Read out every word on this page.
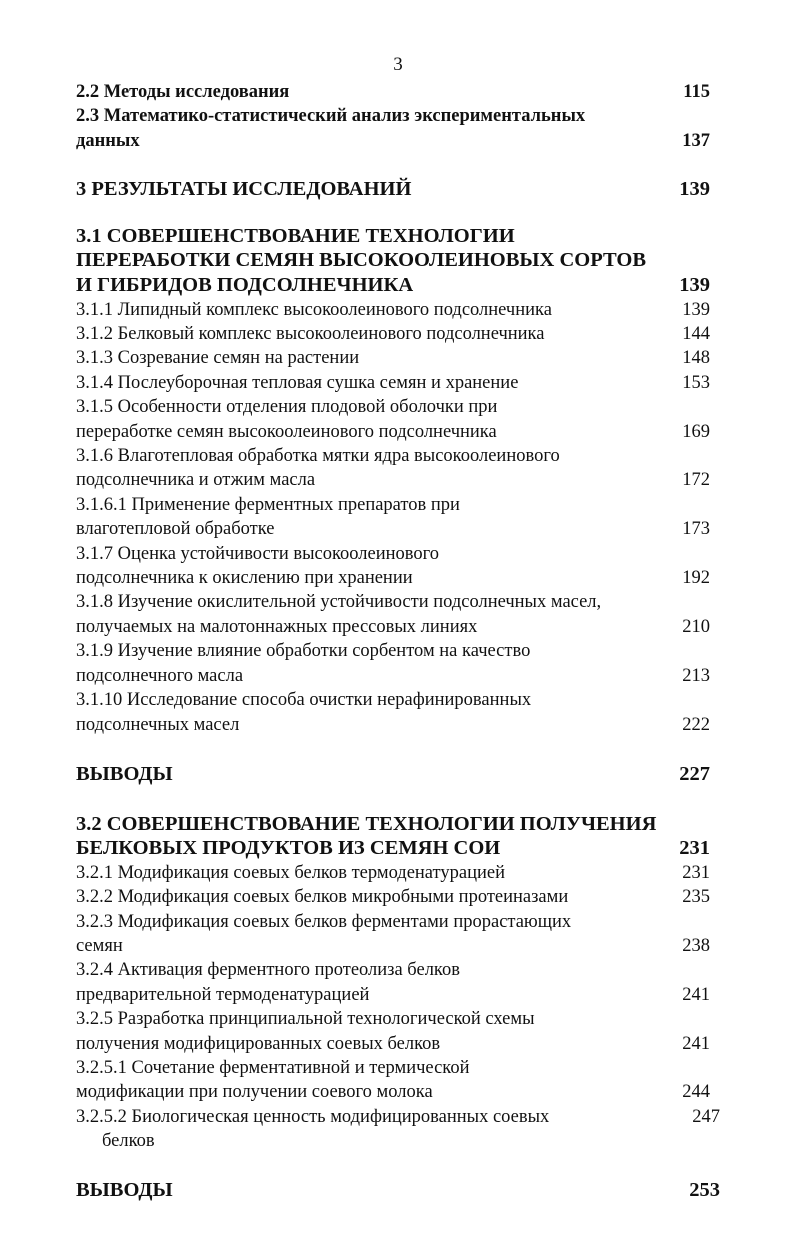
3
2.2 Методы исследования	115
2.3 Математико-статистический анализ экспериментальных
данных	137
3 РЕЗУЛЬТАТЫ ИССЛЕДОВАНИЙ	139
3.1 СОВЕРШЕНСТВОВАНИЕ ТЕХНОЛОГИИ
ПЕРЕРАБОТКИ СЕМЯН ВЫСОКООЛЕИНОВЫХ СОРТОВ
И ГИБРИДОВ ПОДСОЛНЕЧНИКА	139
3.1.1 Липидный комплекс высокоолеинового подсолнечника	139
3.1.2 Белковый комплекс высокоолеинового подсолнечника	144
3.1.3 Созревание семян на растении	148
3.1.4 Послеуборочная тепловая сушка семян и хранение	153
3.1.5 Особенности отделения плодовой оболочки при
переработке семян высокоолеинового подсолнечника	169
3.1.6 Влаготепловая обработка мятки ядра высокоолеинового
подсолнечника и отжим масла	172
3.1.6.1 Применение ферментных препаратов при
влаготепловой обработке	173
3.1.7 Оценка устойчивости высокоолеинового
подсолнечника к окислению при хранении	192
3.1.8 Изучение окислительной устойчивости подсолнечных масел,
получаемых на малотоннажных прессовых линиях	210
3.1.9 Изучение влияние обработки сорбентом на качество
подсолнечного масла	213
3.1.10 Исследование способа очистки нерафинированных
подсолнечных масел	222
ВЫВОДЫ	227
3.2 СОВЕРШЕНСТВОВАНИЕ ТЕХНОЛОГИИ ПОЛУЧЕНИЯ
БЕЛКОВЫХ ПРОДУКТОВ ИЗ СЕМЯН СОИ	231
3.2.1 Модификация соевых белков термоденатурацией	231
3.2.2 Модификация соевых белков микробными протеиназами	235
3.2.3 Модификация соевых белков ферментами прорастающих
семян	238
3.2.4 Активация ферментного протеолиза белков
предварительной термоденатурацией	241
3.2.5 Разработка принципиальной технологической схемы
получения модифицированных соевых белков	241
3.2.5.1 Сочетание ферментативной и термической
модификации при получении соевого молока	244
3.2.5.2 Биологическая ценность модифицированных соевых	247
белков
ВЫВОДЫ	253
